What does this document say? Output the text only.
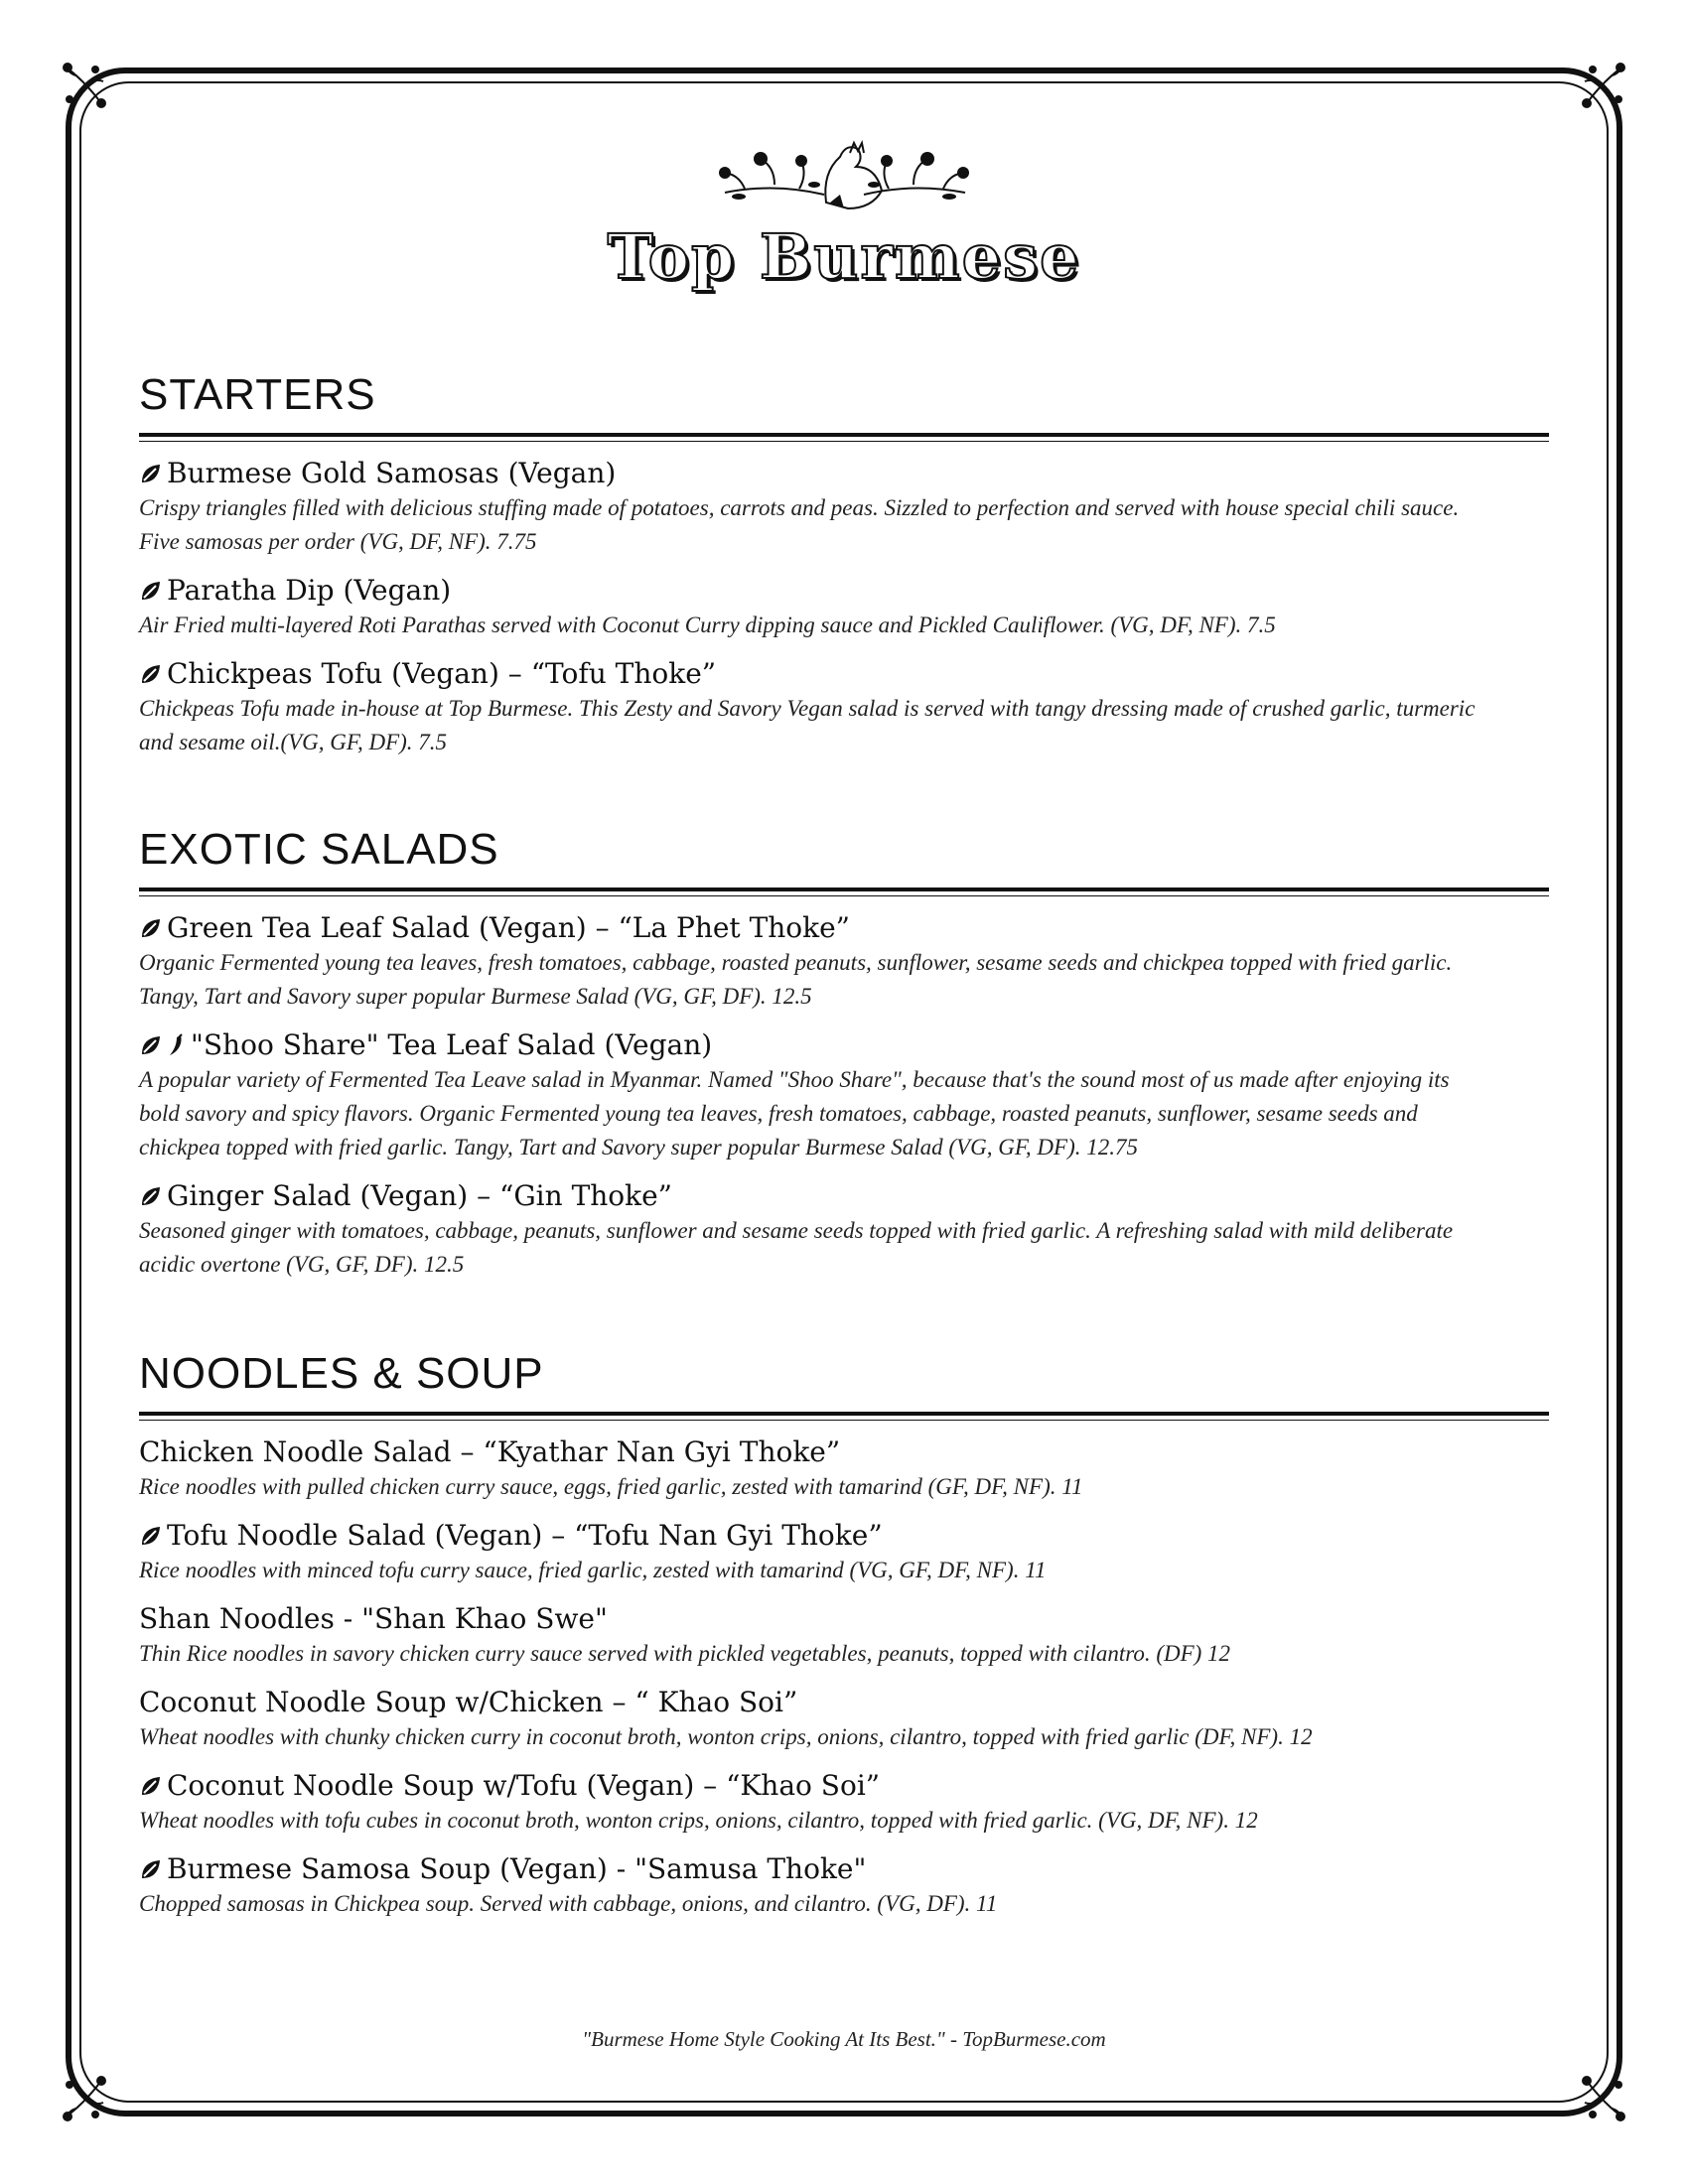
Top Burmese
STARTERS
Burmese Gold Samosas (Vegan)
Crispy triangles filled with delicious stuffing made of potatoes, carrots and peas. Sizzled to perfection and served with house special chili sauce. Five samosas per order (VG, DF, NF). 7.75
Paratha Dip (Vegan)
Air Fried multi-layered Roti Parathas served with Coconut Curry dipping sauce and Pickled Cauliflower. (VG, DF, NF). 7.5
Chickpeas Tofu (Vegan) – “Tofu Thoke”
Chickpeas Tofu made in-house at Top Burmese. This Zesty and Savory Vegan salad is served with tangy dressing made of crushed garlic, turmeric and sesame oil.(VG, GF, DF). 7.5
EXOTIC SALADS
Green Tea Leaf Salad (Vegan) – “La Phet Thoke”
Organic Fermented young tea leaves, fresh tomatoes, cabbage, roasted peanuts, sunflower, sesame seeds and chickpea topped with fried garlic. Tangy, Tart and Savory super popular Burmese Salad (VG, GF, DF). 12.5
"Shoo Share" Tea Leaf Salad (Vegan)
A popular variety of Fermented Tea Leave salad in Myanmar. Named "Shoo Share", because that's the sound most of us made after enjoying its bold savory and spicy flavors. Organic Fermented young tea leaves, fresh tomatoes, cabbage, roasted peanuts, sunflower, sesame seeds and chickpea topped with fried garlic. Tangy, Tart and Savory super popular Burmese Salad (VG, GF, DF). 12.75
Ginger Salad (Vegan) – “Gin Thoke”
Seasoned ginger with tomatoes, cabbage, peanuts, sunflower and sesame seeds topped with fried garlic. A refreshing salad with mild deliberate acidic overtone (VG, GF, DF). 12.5
NOODLES & SOUP
Chicken Noodle Salad – “Kyathar Nan Gyi Thoke”
Rice noodles with pulled chicken curry sauce, eggs, fried garlic, zested with tamarind (GF, DF, NF). 11
Tofu Noodle Salad (Vegan) – “Tofu Nan Gyi Thoke”
Rice noodles with minced tofu curry sauce, fried garlic, zested with tamarind (VG, GF, DF, NF). 11
Shan Noodles - "Shan Khao Swe"
Thin Rice noodles in savory chicken curry sauce served with pickled vegetables, peanuts, topped with cilantro. (DF) 12
Coconut Noodle Soup w/Chicken – “ Khao Soi”
Wheat noodles with chunky chicken curry in coconut broth, wonton crips, onions, cilantro, topped with fried garlic (DF, NF). 12
Coconut Noodle Soup w/Tofu (Vegan) – “Khao Soi”
Wheat noodles with tofu cubes in coconut broth, wonton crips, onions, cilantro, topped with fried garlic. (VG, DF, NF). 12
Burmese Samosa Soup (Vegan) - "Samusa Thoke"
Chopped samosas in Chickpea soup. Served with cabbage, onions, and cilantro. (VG, DF). 11
"Burmese Home Style Cooking At Its Best." - TopBurmese.com
